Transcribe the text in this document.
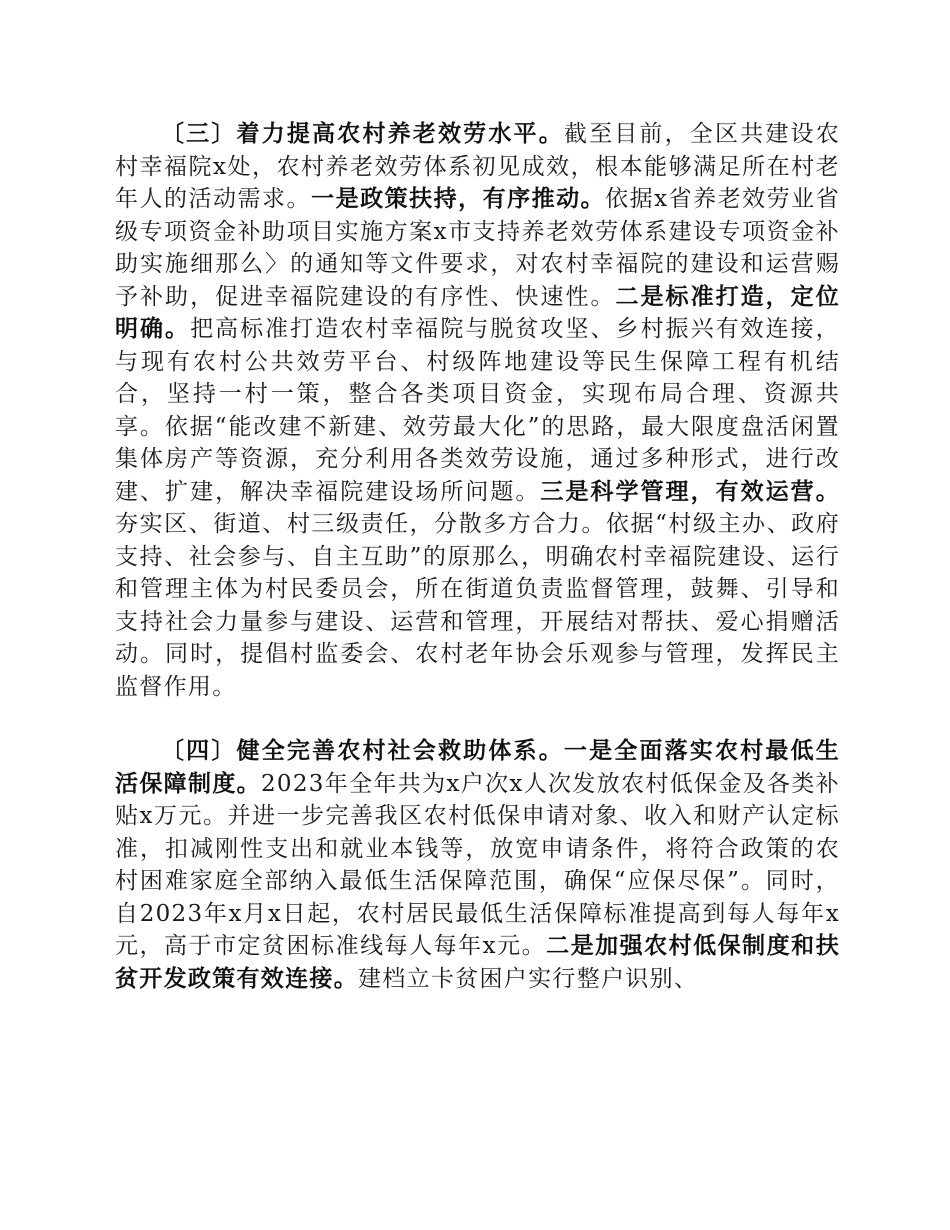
〔三〕着力提高农村养老效劳水平。截至目前，全区共建设农村幸福院x处，农村养老效劳体系初见成效，根本能够满足所在村老年人的活动需求。一是政策扶持，有序推动。依据x省养老效劳业省级专项资金补助项目实施方案x市支持养老效劳体系建设专项资金补助实施细那么〉的通知等文件要求，对农村幸福院的建设和运营赐予补助，促进幸福院建设的有序性、快速性。二是标准打造，定位明确。把高标准打造农村幸福院与脱贫攻坚、乡村振兴有效连接，与现有农村公共效劳平台、村级阵地建设等民生保障工程有机结合，坚持一村一策，整合各类项目资金，实现布局合理、资源共享。依据“能改建不新建、效劳最大化”的思路，最大限度盘活闲置集体房产等资源，充分利用各类效劳设施，通过多种形式，进行改建、扩建，解决幸福院建设场所问题。三是科学管理，有效运营。夯实区、街道、村三级责任，分散多方合力。依据“村级主办、政府支持、社会参与、自主互助”的原那么，明确农村幸福院建设、运行和管理主体为村民委员会，所在街道负责监督管理，鼓舞、引导和支持社会力量参与建设、运营和管理，开展结对帮扶、爱心捐赠活动。同时，提倡村监委会、农村老年协会乐观参与管理，发挥民主监督作用。

〔四〕健全完善农村社会救助体系。一是全面落实农村最低生活保障制度。2023年全年共为x户次x人次发放农村低保金及各类补贴x万元。并进一步完善我区农村低保申请对象、收入和财产认定标准，扣减刚性支出和就业本钱等，放宽申请条件，将符合政策的农村困难家庭全部纳入最低生活保障范围，确保“应保尽保”。同时，自2023年x月x日起，农村居民最低生活保障标准提高到每人每年x元，高于市定贫困标准线每人每年x元。二是加强农村低保制度和扶贫开发政策有效连接。建档立卡贫困户实行整户识别、
